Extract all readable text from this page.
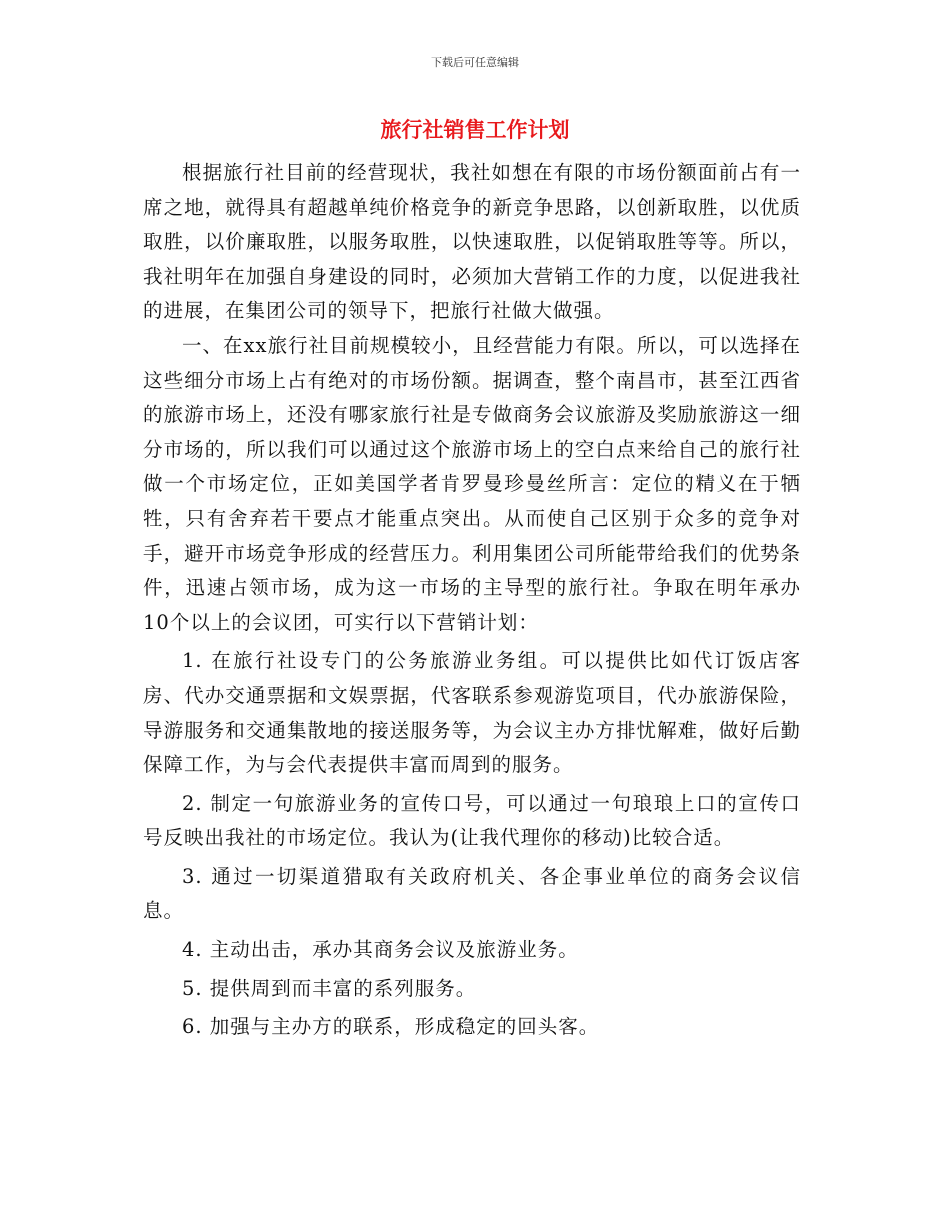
下载后可任意编辑
旅行社销售工作计划

根据旅行社目前的经营现状，我社如想在有限的市场份额面前占有一席之地，就得具有超越单纯价格竞争的新竞争思路，以创新取胜，以优质取胜，以价廉取胜，以服务取胜，以快速取胜，以促销取胜等等。所以，我社明年在加强自身建设的同时，必须加大营销工作的力度，以促进我社的进展，在集团公司的领导下，把旅行社做大做强。

一、在xx旅行社目前规模较小，且经营能力有限。所以，可以选择在这些细分市场上占有绝对的市场份额。据调查，整个南昌市，甚至江西省的旅游市场上，还没有哪家旅行社是专做商务会议旅游及奖励旅游这一细分市场的，所以我们可以通过这个旅游市场上的空白点来给自己的旅行社做一个市场定位，正如美国学者肯罗曼珍曼丝所言：定位的精义在于牺牲，只有舍弃若干要点才能重点突出。从而使自己区别于众多的竞争对手，避开市场竞争形成的经营压力。利用集团公司所能带给我们的优势条件，迅速占领市场，成为这一市场的主导型的旅行社。争取在明年承办10个以上的会议团，可实行以下营销计划：

1. 在旅行社设专门的公务旅游业务组。可以提供比如代订饭店客房、代办交通票据和文娱票据，代客联系参观游览项目，代办旅游保险，导游服务和交通集散地的接送服务等，为会议主办方排忧解难，做好后勤保障工作，为与会代表提供丰富而周到的服务。

2. 制定一句旅游业务的宣传口号，可以通过一句琅琅上口的宣传口号反映出我社的市场定位。我认为(让我代理你的移动)比较合适。

3. 通过一切渠道猎取有关政府机关、各企事业单位的商务会议信息。

4. 主动出击，承办其商务会议及旅游业务。

5. 提供周到而丰富的系列服务。

6. 加强与主办方的联系，形成稳定的回头客。
